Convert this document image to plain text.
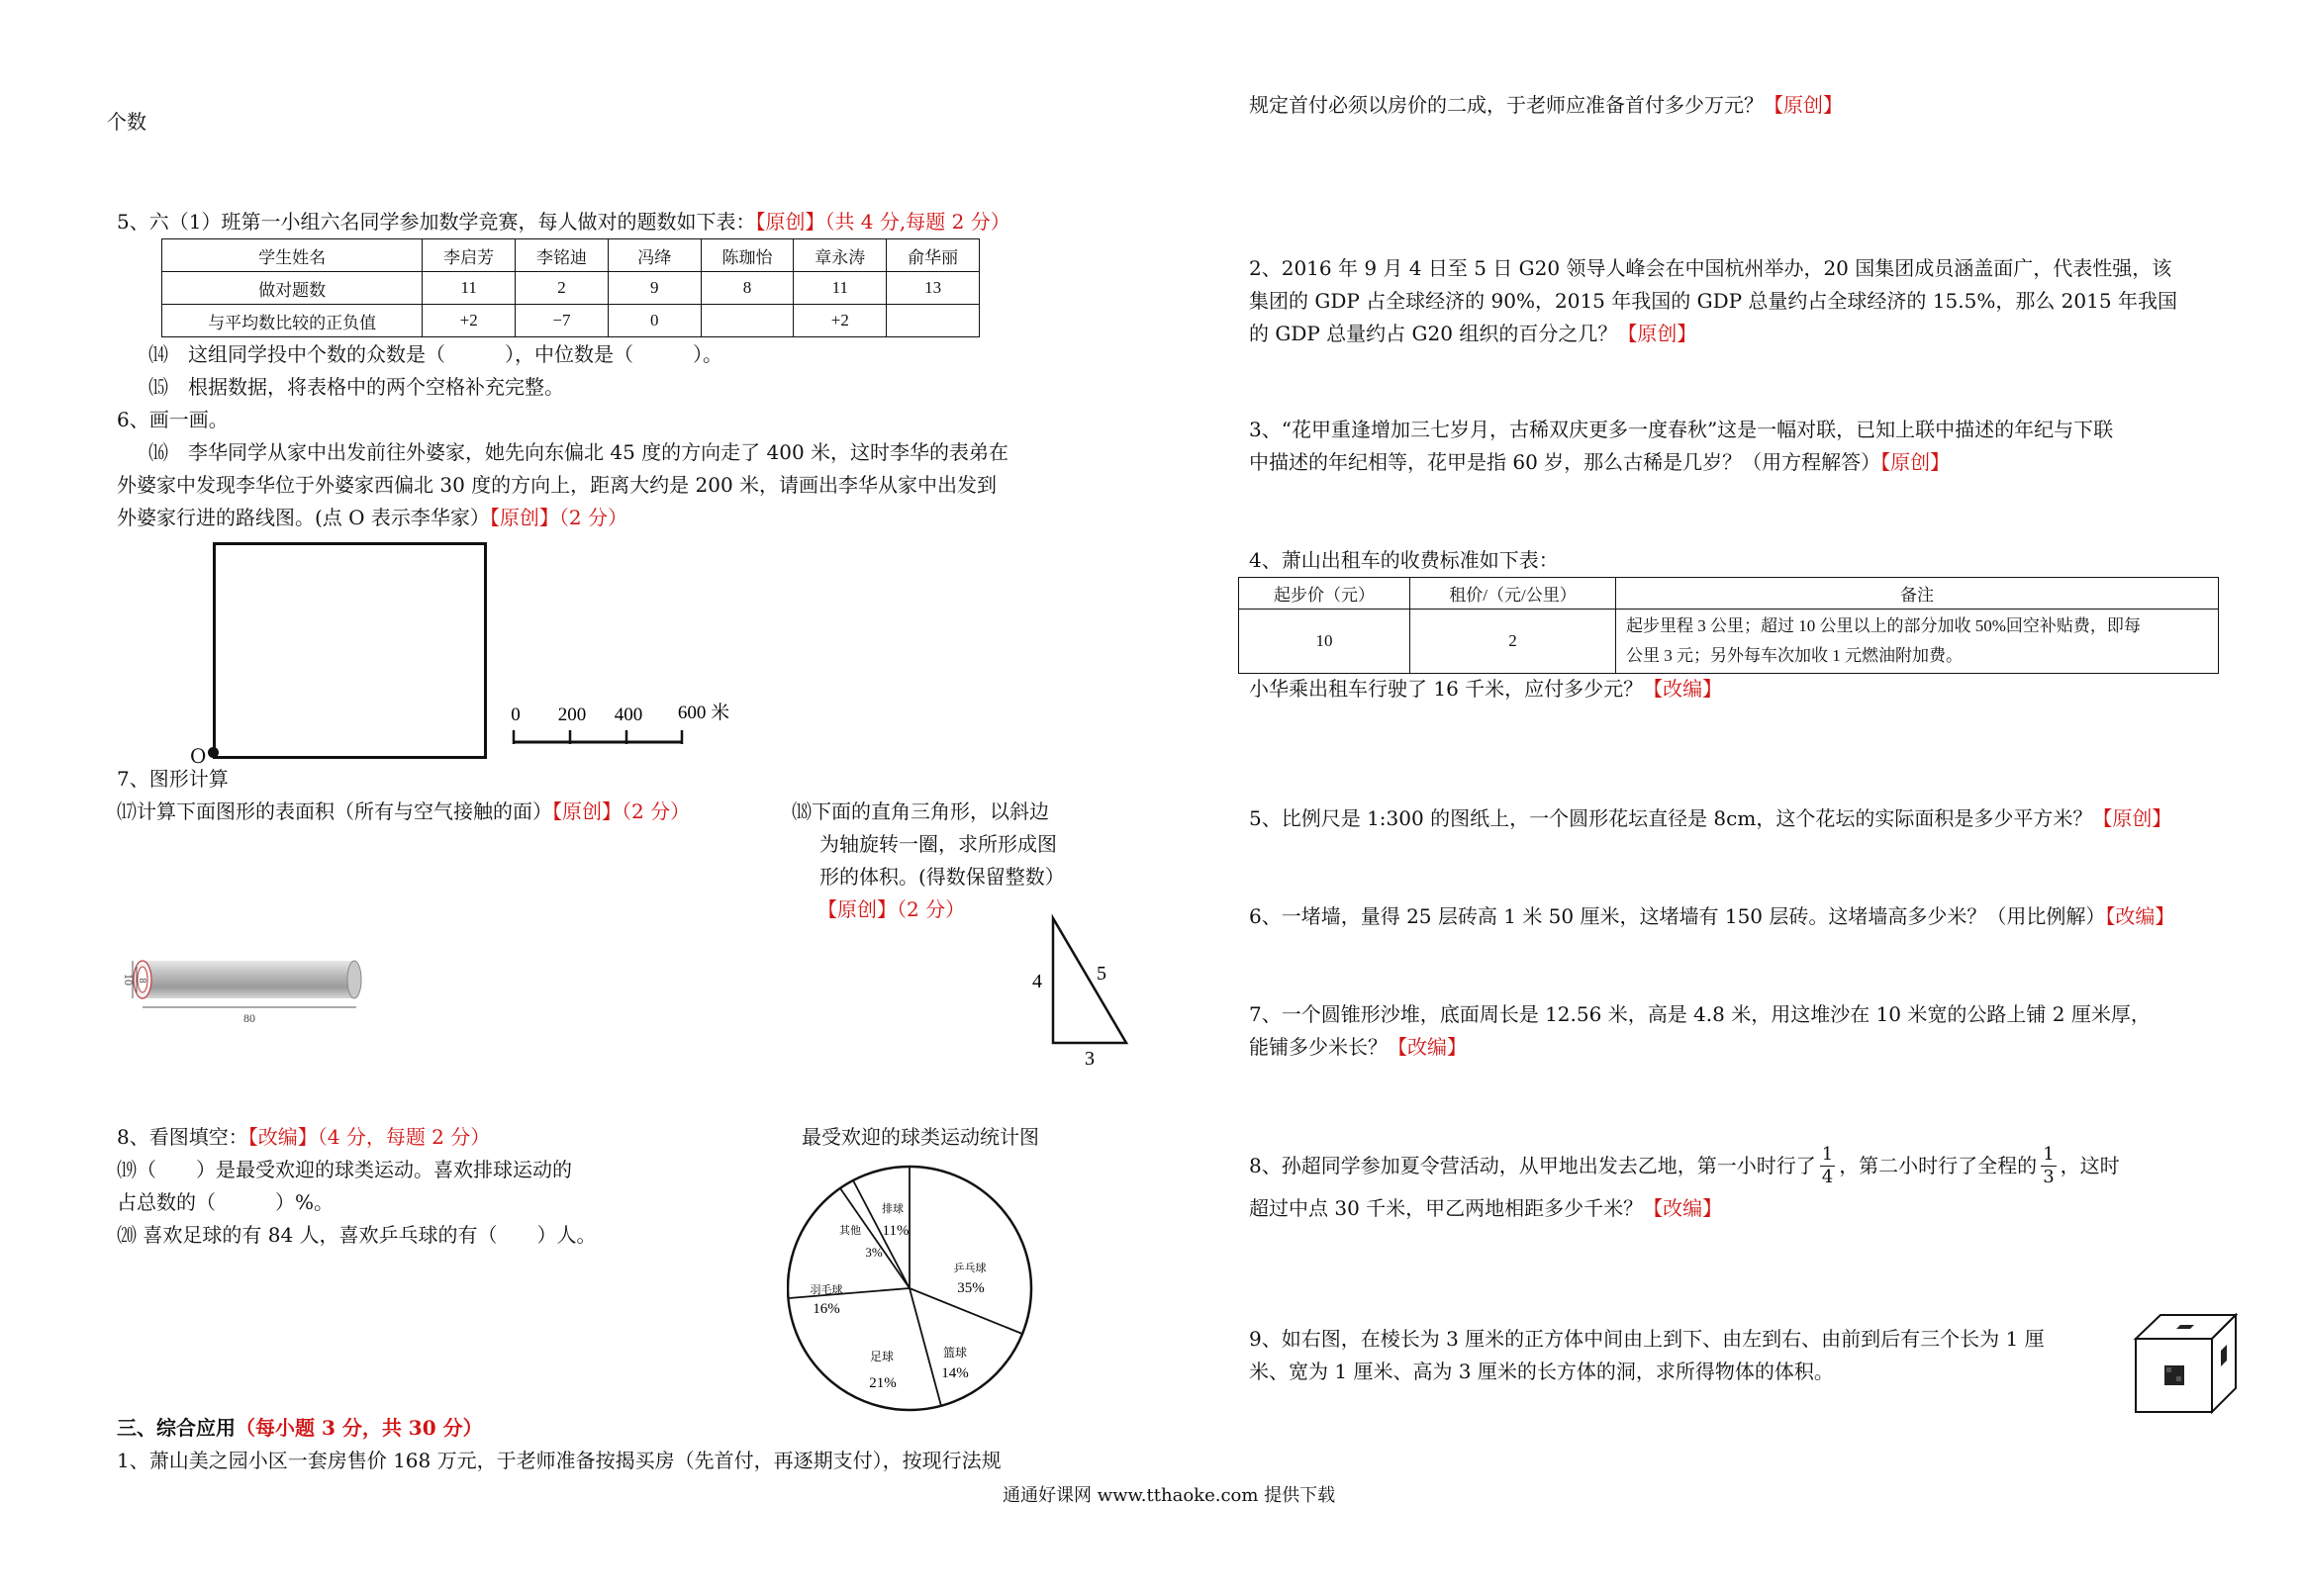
个数
5、六（1）班第一小组六名同学参加数学竞赛，每人做对的题数如下表：【原创】（共 4 分,每题 2 分）
学生姓名	李启芳	李铭迪	冯绛	陈珈怡	章永涛	俞华丽
做对题数	11	2	9	8	11	13
与平均数比较的正负值	+2	−7	0		+2	
⒁　这组同学投中个数的众数是（　　　），中位数是（　　　）。
⒂　根据数据，将表格中的两个空格补充完整。
6、画一画。
⒃　李华同学从家中出发前往外婆家，她先向东偏北 45 度的方向走了 400 米，这时李华的表弟在
外婆家中发现李华位于外婆家西偏北 30 度的方向上，距离大约是 200 米，请画出李华从家中出发到
外婆家行进的路线图。(点 O 表示李华家）【原创】（2 分）
O
0 200 400 600 米
7、图形计算
⒄计算下面图形的表面积（所有与空气接触的面）【原创】（2 分）	⒅下面的直角三角形，以斜边
为轴旋转一圈，求所形成图
形的体积。(得数保留整数）
【原创】（2 分）
10 8
80
4	5
3
8、看图填空：【改编】（4 分，每题 2 分）
⒆（　　）是最受欢迎的球类运动。喜欢排球运动的
占总数的（　　　）%。
⒇ 喜欢足球的有 84 人，喜欢乒乓球的有（　　）人。
最受欢迎的球类运动统计图
乒乓球
35%
篮球
14%
足球
21%
羽毛球
16%
其他
3%
排球
11%
三、综合应用（每小题 3 分，共 30 分）
1、萧山美之园小区一套房售价 168 万元，于老师准备按揭买房（先首付，再逐期支付），按现行法规
规定首付必须以房价的二成，于老师应准备首付多少万元？【原创】
2、2016 年 9 月 4 日至 5 日 G20 领导人峰会在中国杭州举办，20 国集团成员涵盖面广，代表性强，该
集团的 GDP 占全球经济的 90%，2015 年我国的 GDP 总量约占全球经济的 15.5%，那么 2015 年我国
的 GDP 总量约占 G20 组织的百分之几？【原创】
3、“花甲重逢增加三七岁月，古稀双庆更多一度春秋”这是一幅对联，已知上联中描述的年纪与下联
中描述的年纪相等，花甲是指 60 岁，那么古稀是几岁？（用方程解答）【原创】
4、萧山出租车的收费标准如下表：
起步价（元）	租价/（元/公里）	备注
10	2	起步里程 3 公里；超过 10 公里以上的部分加收 50%回空补贴费，即每
公里 3 元；另外每车次加收 1 元燃油附加费。
小华乘出租车行驶了 16 千米，应付多少元？【改编】
5、比例尺是 1:300 的图纸上，一个圆形花坛直径是 8cm，这个花坛的实际面积是多少平方米？【原创】
6、一堵墙，量得 25 层砖高 1 米 50 厘米，这堵墙有 150 层砖。这堵墙高多少米？（用比例解）【改编】
7、一个圆锥形沙堆，底面周长是 12.56 米，高是 4.8 米，用这堆沙在 10 米宽的公路上铺 2 厘米厚，
能铺多少米长？【改编】
8、孙超同学参加夏令营活动，从甲地出发去乙地，第一小时行了 1
4 ，第二小时行了全程的 1
3 ，这时
超过中点 30 千米，甲乙两地相距多少千米？【改编】
9、如右图，在棱长为 3 厘米的正方体中间由上到下、由左到右、由前到后有三个长为 1 厘
米、宽为 1 厘米、高为 3 厘米的长方体的洞，求所得物体的体积。
通通好课网 www.tthaoke.com 提供下载
